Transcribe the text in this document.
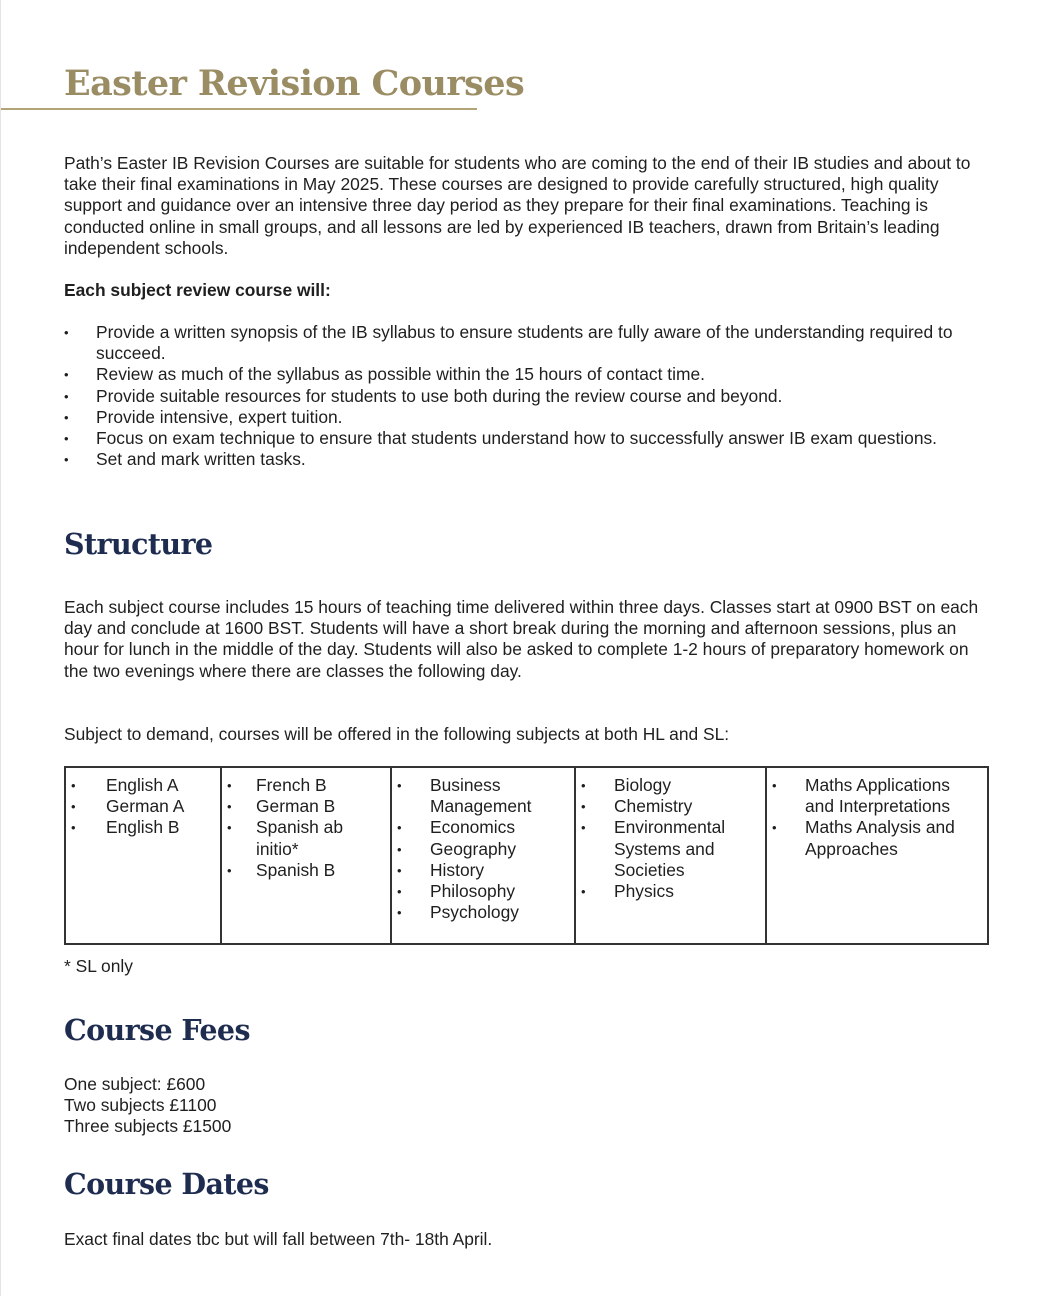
Easter Revision Courses

Path’s Easter IB Revision Courses are suitable for students who are coming to the end of their IB studies and about to take their final examinations in May 2025. These courses are designed to provide carefully structured, high quality support and guidance over an intensive three day period as they prepare for their final examinations. Teaching is conducted online in small groups, and all lessons are led by experienced IB teachers, drawn from Britain’s leading independent schools.

Each subject review course will:

• Provide a written synopsis of the IB syllabus to ensure students are fully aware of the understanding required to succeed.
• Review as much of the syllabus as possible within the 15 hours of contact time.
• Provide suitable resources for students to use both during the review course and beyond.
• Provide intensive, expert tuition.
• Focus on exam technique to ensure that students understand how to successfully answer IB exam questions.
• Set and mark written tasks.
Structure

Each subject course includes 15 hours of teaching time delivered within three days. Classes start at 0900 BST on each day and conclude at 1600 BST. Students will have a short break during the morning and afternoon sessions, plus an hour for lunch in the middle of the day. Students will also be asked to complete 1-2 hours of preparatory homework on the two evenings where there are classes the following day.

Subject to demand, courses will be offered in the following subjects at both HL and SL:

• English A
• German A
• English B

• French B
• German B
• Spanish ab initio*
• Spanish B

• Business Management
• Economics
• Geography
• History
• Philosophy
• Psychology

• Biology
• Chemistry
• Environmental Systems and Societies
• Physics

• Maths Applications and Interpretations
• Maths Analysis and Approaches

* SL only

Course Fees
One subject: £600
Two subjects £1100
Three subjects £1500
Course Dates

Exact final dates tbc but will fall between 7th- 18th April.
